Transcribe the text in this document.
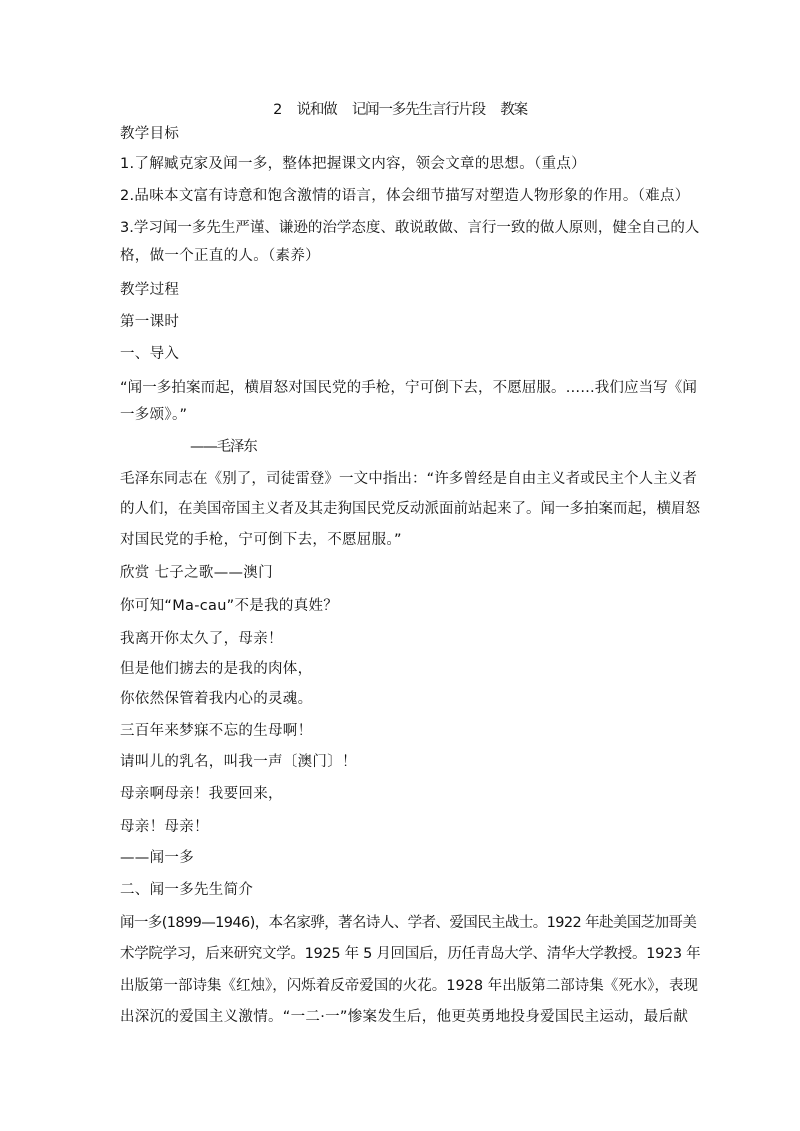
2 说和做 记闻一多先生言行片段 教案
教学目标
1.了解臧克家及闻一多，整体把握课文内容，领会文章的思想。（重点）
2.品味本文富有诗意和饱含激情的语言，体会细节描写对塑造人物形象的作用。（难点）
3.学习闻一多先生严谨、谦逊的治学态度、敢说敢做、言行一致的做人原则，健全自己的人
格，做一个正直的人。（素养）
教学过程
第一课时
一、导入
“闻一多拍案而起，横眉怒对国民党的手枪，宁可倒下去，不愿屈服。……我们应当写《闻
一多颂》。”
——毛泽东
毛泽东同志在《别了，司徒雷登》一文中指出：“许多曾经是自由主义者或民主个人主义者
的人们，在美国帝国主义者及其走狗国民党反动派面前站起来了。闻一多拍案而起，横眉怒
对国民党的手枪，宁可倒下去，不愿屈服。”
欣赏 七子之歌——澳门
你可知“Ma-cau”不是我的真姓？
我离开你太久了，母亲！
但是他们掳去的是我的肉体，
你依然保管着我内心的灵魂。
三百年来梦寐不忘的生母啊！
请叫儿的乳名，叫我一声〔澳门〕！
母亲啊母亲！我要回来，
母亲！母亲！
——闻一多
二、闻一多先生简介
闻一多(1899—1946)，本名家骅，著名诗人、学者、爱国民主战士。1922 年赴美国芝加哥美
术学院学习，后来研究文学。1925 年 5 月回国后，历任青岛大学、清华大学教授。1923 年
出版第一部诗集《红烛》，闪烁着反帝爱国的火花。1928 年出版第二部诗集《死水》，表现
出深沉的爱国主义激情。“一二·一”惨案发生后，他更英勇地投身爱国民主运动，最后献
